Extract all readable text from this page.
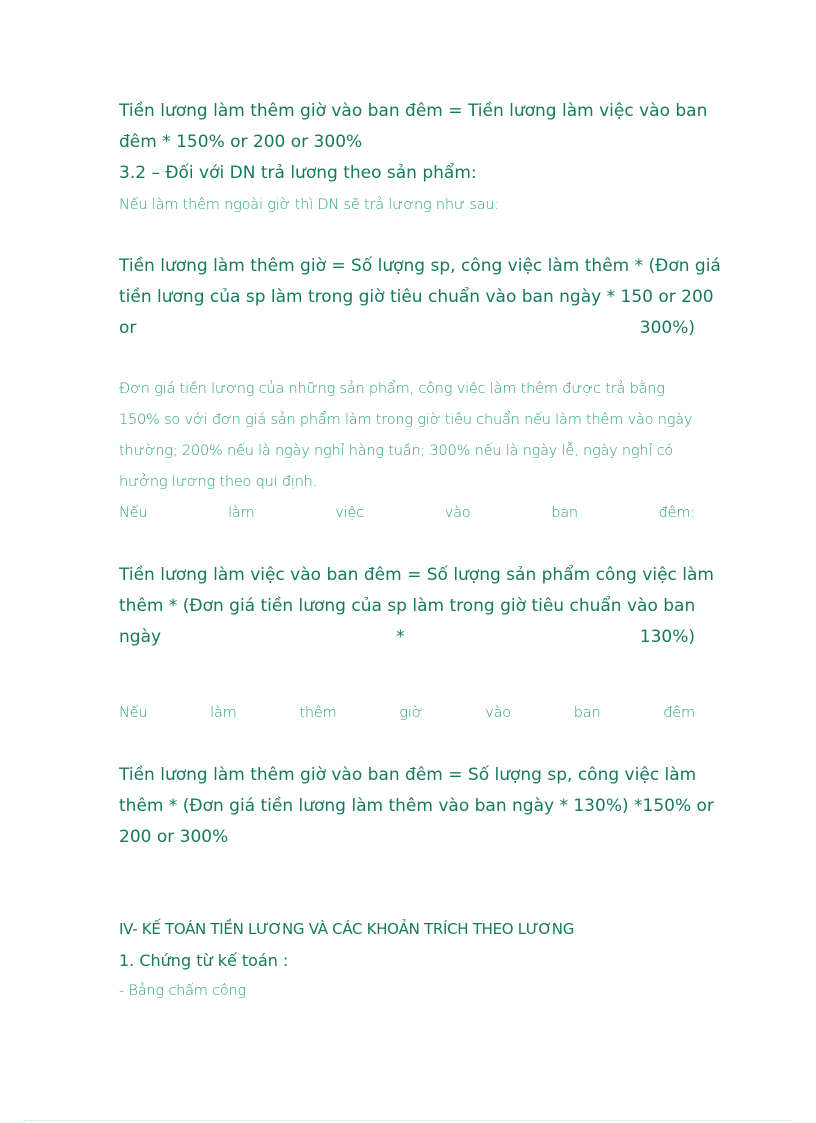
Tiền lương làm thêm giờ vào ban đêm = Tiền lương làm việc vào ban
đêm * 150% or 200 or 300%

3.2 – Đối với DN trả lương theo sản phẩm:

Nếu làm thêm ngoài giờ thì DN sẽ trả lương như sau:

Tiền lương làm thêm giờ = Số lượng sp, công việc làm thêm * (Đơn giá
tiền lương của sp làm trong giờ tiêu chuẩn vào ban ngày * 150 or 200
or	300%)

Đơn giá tiền lương của những sản phẩm, công việc làm thêm được trả bằng
150% so với đơn giá sản phẩm làm trong giờ tiêu chuẩn nếu làm thêm vào ngày
thường; 200% nếu là ngày nghỉ hàng tuần; 300% nếu là ngày lễ, ngày nghỉ có
hưởng lương theo qui định.
Nếu	làm	việc	vào	ban	đêm:

Tiền lương làm việc vào ban đêm = Số lượng sản phẩm công việc làm
thêm * (Đơn giá tiền lương của sp làm trong giờ tiêu chuẩn vào ban
ngày	*	130%)

Nếu	làm	thêm	giờ	vào	ban	đêm

Tiền lương làm thêm giờ vào ban đêm = Số lượng sp, công việc làm
thêm * (Đơn giá tiền lương làm thêm vào ban ngày * 130%) *150% or
200 or 300%

IV- KẾ TOÁN TIỀN LƯƠNG VÀ CÁC KHOẢN TRÍCH THEO LƯƠNG

1. Chứng từ kế toán :

- Bảng chấm công
